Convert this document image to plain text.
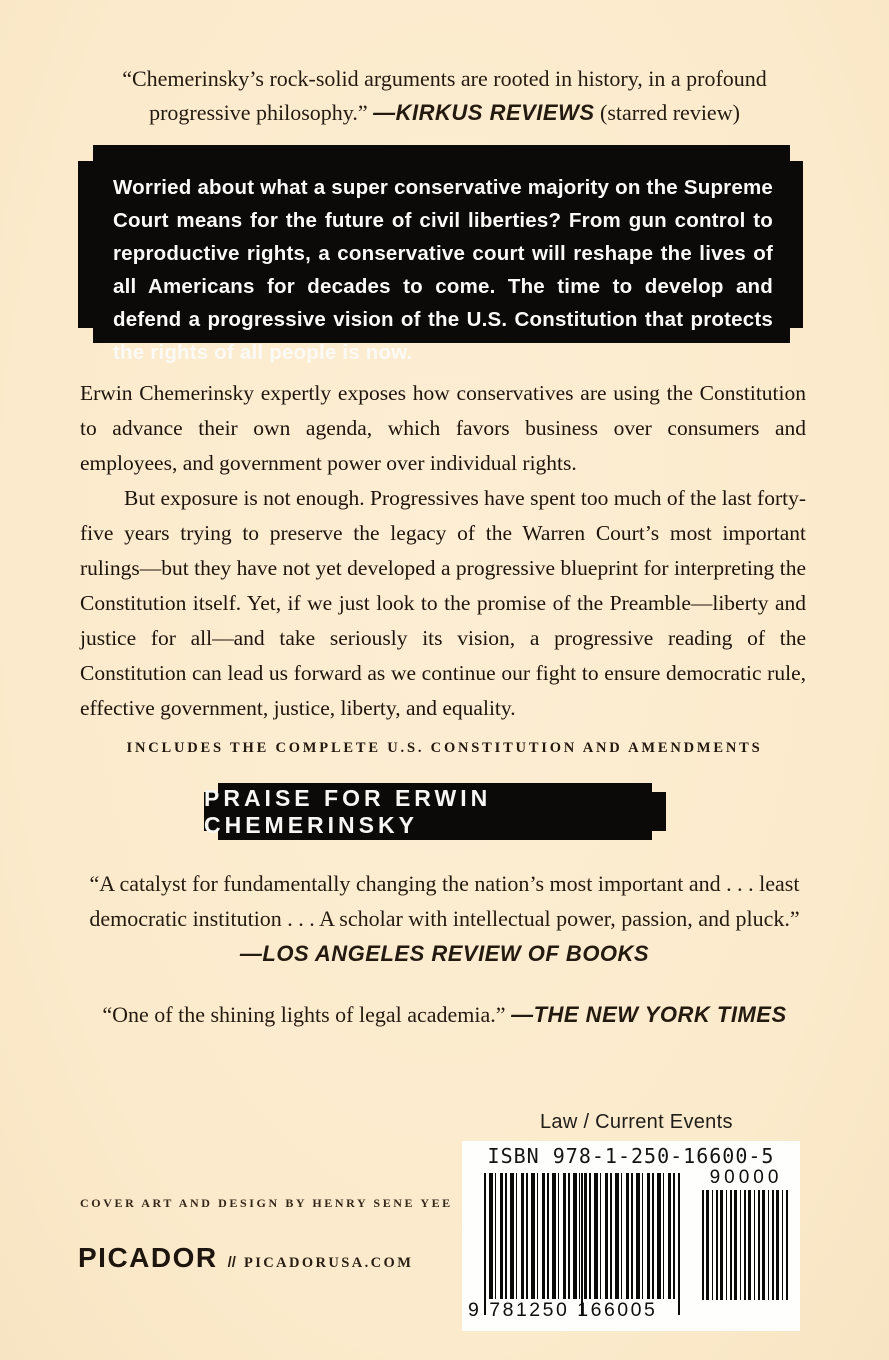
“Chemerinsky’s rock-solid arguments are rooted in history, in a profound progressive philosophy.” —KIRKUS REVIEWS (starred review)
Worried about what a super conservative majority on the Supreme Court means for the future of civil liberties? From gun control to reproductive rights, a conservative court will reshape the lives of all Americans for decades to come. The time to develop and defend a progressive vision of the U.S. Constitution that protects the rights of all people is now.

Erwin Chemerinsky expertly exposes how conservatives are using the Constitution to advance their own agenda, which favors business over consumers and employees, and government power over individual rights.

But exposure is not enough. Progressives have spent too much of the last forty-five years trying to preserve the legacy of the Warren Court’s most important rulings—but they have not yet developed a progressive blueprint for interpreting the Constitution itself. Yet, if we just look to the promise of the Preamble—liberty and justice for all—and take seriously its vision, a progressive reading of the Constitution can lead us forward as we continue our fight to ensure democratic rule, effective government, justice, liberty, and equality.

INCLUDES THE COMPLETE U.S. CONSTITUTION AND AMENDMENTS
PRAISE FOR ERWIN CHEMERINSKY
“A catalyst for fundamentally changing the nation’s most important and . . . least democratic institution . . . A scholar with intellectual power, passion, and pluck.” —LOS ANGELES REVIEW OF BOOKS
“One of the shining lights of legal academia.” —THE NEW YORK TIMES
Law / Current Events
ISBN 978-1-250-16600-5
9 781250 166005
90000
COVER ART AND DESIGN BY HENRY SENE YEE
PICADOR // PICADORUSA.COM
